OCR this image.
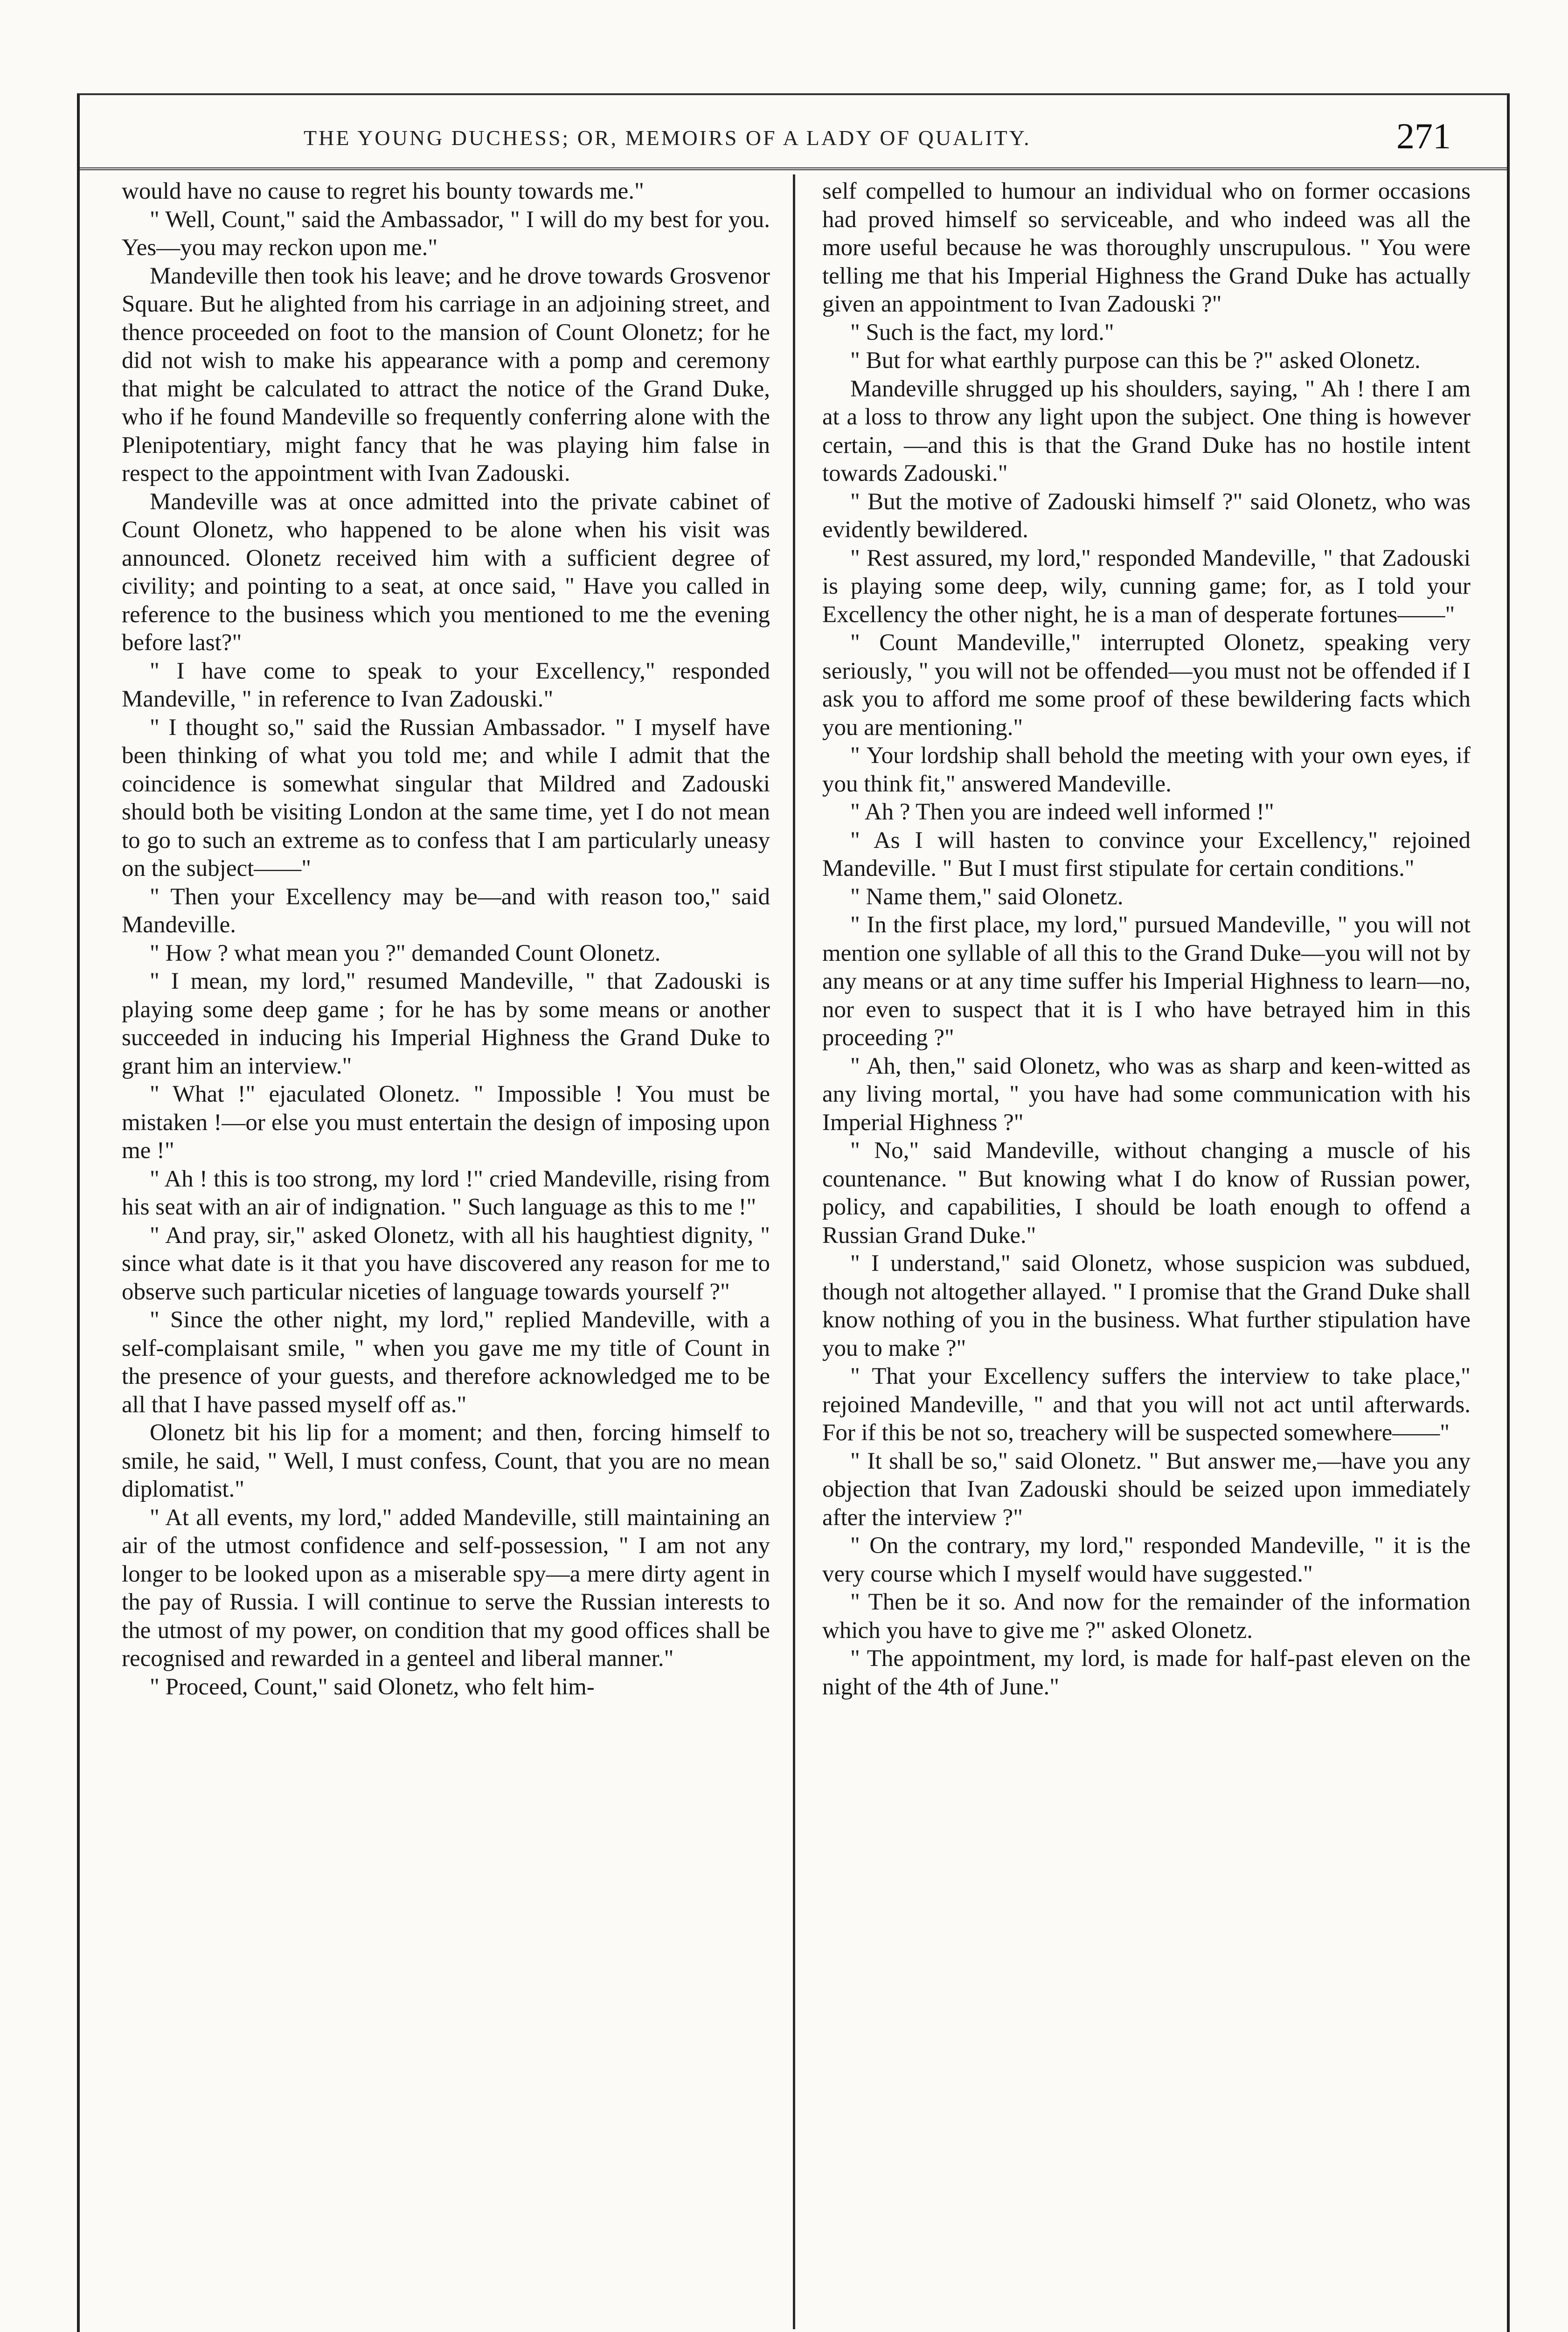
THE YOUNG DUCHESS; OR, MEMOIRS OF A LADY OF QUALITY.	271

would have no cause to regret his bounty towards me."

" Well, Count," said the Ambassador, " I will do my best for you. Yes—you may reckon upon me."

Mandeville then took his leave; and he drove towards Grosvenor Square. But he alighted from his carriage in an adjoining street, and thence proceeded on foot to the mansion of Count Olonetz; for he did not wish to make his appearance with a pomp and ceremony that might be calculated to attract the notice of the Grand Duke, who if he found Mandeville so frequently conferring alone with the Plenipotentiary, might fancy that he was playing him false in respect to the appointment with Ivan Zadouski.

Mandeville was at once admitted into the private cabinet of Count Olonetz, who happened to be alone when his visit was announced. Olonetz received him with a sufficient degree of civility; and pointing to a seat, at once said, " Have you called in reference to the business which you mentioned to me the evening before last?"

" I have come to speak to your Excellency," responded Mandeville, " in reference to Ivan Zadouski."

" I thought so," said the Russian Ambassador. " I myself have been thinking of what you told me; and while I admit that the coincidence is somewhat singular that Mildred and Zadouski should both be visiting London at the same time, yet I do not mean to go to such an extreme as to confess that I am particularly uneasy on the subject——"

" Then your Excellency may be—and with reason too," said Mandeville.

" How ? what mean you ?" demanded Count Olonetz.

" I mean, my lord," resumed Mandeville, " that Zadouski is playing some deep game ; for he has by some means or another succeeded in inducing his Imperial Highness the Grand Duke to grant him an interview."

" What !" ejaculated Olonetz. " Impossible ! You must be mistaken !—or else you must entertain the design of imposing upon me !"

" Ah ! this is too strong, my lord !" cried Mandeville, rising from his seat with an air of indignation. " Such language as this to me !"

" And pray, sir," asked Olonetz, with all his haughtiest dignity, " since what date is it that you have discovered any reason for me to observe such particular niceties of language towards yourself ?"

" Since the other night, my lord," replied Mandeville, with a self-complaisant smile, " when you gave me my title of Count in the presence of your guests, and therefore acknowledged me to be all that I have passed myself off as."

Olonetz bit his lip for a moment; and then, forcing himself to smile, he said, " Well, I must confess, Count, that you are no mean diplomatist."

" At all events, my lord," added Mandeville, still maintaining an air of the utmost confidence and self-possession, " I am not any longer to be looked upon as a miserable spy—a mere dirty agent in the pay of Russia. I will continue to serve the Russian interests to the utmost of my power, on condition that my good offices shall be recognised and rewarded in a genteel and liberal manner."

" Proceed, Count," said Olonetz, who felt him-

self compelled to humour an individual who on former occasions had proved himself so serviceable, and who indeed was all the more useful because he was thoroughly unscrupulous. " You were telling me that his Imperial Highness the Grand Duke has actually given an appointment to Ivan Zadouski ?"

" Such is the fact, my lord."

" But for what earthly purpose can this be ?" asked Olonetz.

Mandeville shrugged up his shoulders, saying, " Ah ! there I am at a loss to throw any light upon the subject. One thing is however certain, —and this is that the Grand Duke has no hostile intent towards Zadouski."

" But the motive of Zadouski himself ?" said Olonetz, who was evidently bewildered.

" Rest assured, my lord," responded Mandeville, " that Zadouski is playing some deep, wily, cunning game; for, as I told your Excellency the other night, he is a man of desperate fortunes——"

" Count Mandeville," interrupted Olonetz, speaking very seriously, " you will not be offended—you must not be offended if I ask you to afford me some proof of these bewildering facts which you are mentioning."

" Your lordship shall behold the meeting with your own eyes, if you think fit," answered Mandeville.

" Ah ? Then you are indeed well informed !"

" As I will hasten to convince your Excellency," rejoined Mandeville. " But I must first stipulate for certain conditions."

" Name them," said Olonetz.

" In the first place, my lord," pursued Mandeville, " you will not mention one syllable of all this to the Grand Duke—you will not by any means or at any time suffer his Imperial Highness to learn—no, nor even to suspect that it is I who have betrayed him in this proceeding ?"

" Ah, then," said Olonetz, who was as sharp and keen-witted as any living mortal, " you have had some communication with his Imperial Highness ?"

" No," said Mandeville, without changing a muscle of his countenance. " But knowing what I do know of Russian power, policy, and capabilities, I should be loath enough to offend a Russian Grand Duke."

" I understand," said Olonetz, whose suspicion was subdued, though not altogether allayed. " I promise that the Grand Duke shall know nothing of you in the business. What further stipulation have you to make ?"

" That your Excellency suffers the interview to take place," rejoined Mandeville, " and that you will not act until afterwards. For if this be not so, treachery will be suspected somewhere——"

" It shall be so," said Olonetz. " But answer me,—have you any objection that Ivan Zadouski should be seized upon immediately after the interview ?"

" On the contrary, my lord," responded Mandeville, " it is the very course which I myself would have suggested."

" Then be it so. And now for the remainder of the information which you have to give me ?" asked Olonetz.

" The appointment, my lord, is made for half-past eleven on the night of the 4th of June."
